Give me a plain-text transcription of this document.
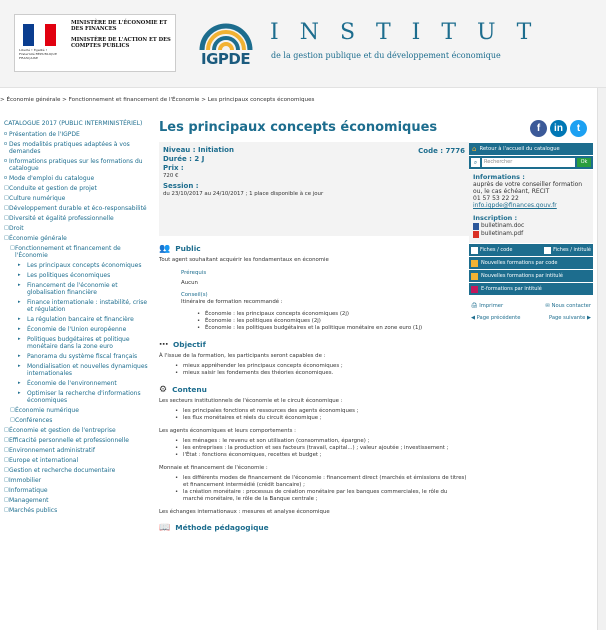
Liberté • Égalité • Fraternité RÉPUBLIQUE FRANÇAISE

MINISTÈRE DE L'ÉCONOMIE ET DES FINANCES

MINISTÈRE DE L'ACTION ET DES COMPTES PUBLICS

IGPDE
INSTITUT
de la gestion publique et du développement économique
> Économie générale > Fonctionnement et financement de l'Économie > Les principaux concepts économiques
CATALOGUE 2017 (PUBLIC INTERMINISTÉRIEL)
o Présentation de l'IGPDE
o Des modalités pratiques adaptées à vos demandes
o Informations pratiques sur les formations du catalogue
o Mode d'emploi du catalogue
□ Conduite et gestion de projet
□ Culture numérique
□ Développement durable et éco-responsabilité
□ Diversité et égalité professionnelle
□ Droit
□ Économie générale
□ Fonctionnement et financement de l'Économie
▸ Les principaux concepts économiques
▸ Les politiques économiques
▸ Financement de l'économie et globalisation financière
▸ Finance internationale : instabilité, crise et régulation
▸ La régulation bancaire et financière
▸ Économie de l'Union européenne
▸ Politiques budgétaires et politique monétaire dans la zone euro
▸ Panorama du système fiscal français
▸ Mondialisation et nouvelles dynamiques internationales
▸ Économie de l'environnement
▸ Optimiser la recherche d'informations économiques
□ Économie numérique
□ Conférences
□ Économie et gestion de l'entreprise
□ Efficacité personnelle et professionnelle
□ Environnement administratif
□ Europe et international
□ Gestion et recherche documentaire
□ Immobilier
□ Informatique
□ Management
□ Marchés publics
Les principaux concepts économiques
Niveau : Initiation	Code : 7776
Durée : 2 J
Prix :
720 €
Session :
du 23/10/2017 au 24/10/2017 ; 1 place disponible à ce jour
👥 Public
Tout agent souhaitant acquérir les fondamentaux en économie
Prérequis
Aucun
Conseil(s)
Itinéraire de formation recommandé :
• Économie : les principaux concepts économiques (2j)
• Économie : les politiques économiques (2j)
• Économie : les politiques budgétaires et la politique monétaire en zone euro (1j)
⋯ Objectif
À l'issue de la formation, les participants seront capables de :
• mieux appréhender les principaux concepts économiques ;
• mieux saisir les fondements des théories économiques.
⚙ Contenu
Les secteurs institutionnels de l'économie et le circuit économique :
• les principales fonctions et ressources des agents économiques ;
• les flux monétaires et réels du circuit économique ;
Les agents économiques et leurs comportements :
• les ménages : le revenu et son utilisation (consommation, épargne) ;
• les entreprises : la production et ses facteurs (travail, capital...) ; valeur ajoutée ; investissement ;
• l'État : fonctions économiques, recettes et budget ;
Monnaie et financement de l'économie :
• les différents modes de financement de l'économie : financement direct (marchés et émissions de titres) et financement intermédié (crédit bancaire) ;
• la création monétaire : processus de création monétaire par les banques commerciales, le rôle du marché monétaire, le rôle de la Banque centrale ;
Les échanges internationaux : mesures et analyse économique
📖 Méthode pédagogique
f	in	t
⌂ Retour à l'accueil du catalogue
⌕	Rechercher	Ok
Informations :
auprès de votre conseiller formation ou, le cas échéant, RECIT
01 57 53 22 22
info.igpde@finances.gouv.fr
Inscription :
bulletinam.doc
bulletinam.pdf
Fiches / code	Fiches / intitulé
Nouvelles formations par code
Nouvelles formations par intitulé
E-formations par intitulé
🖨 Imprimer	✉ Nous contacter
◀ Page précédente	Page suivante ▶
